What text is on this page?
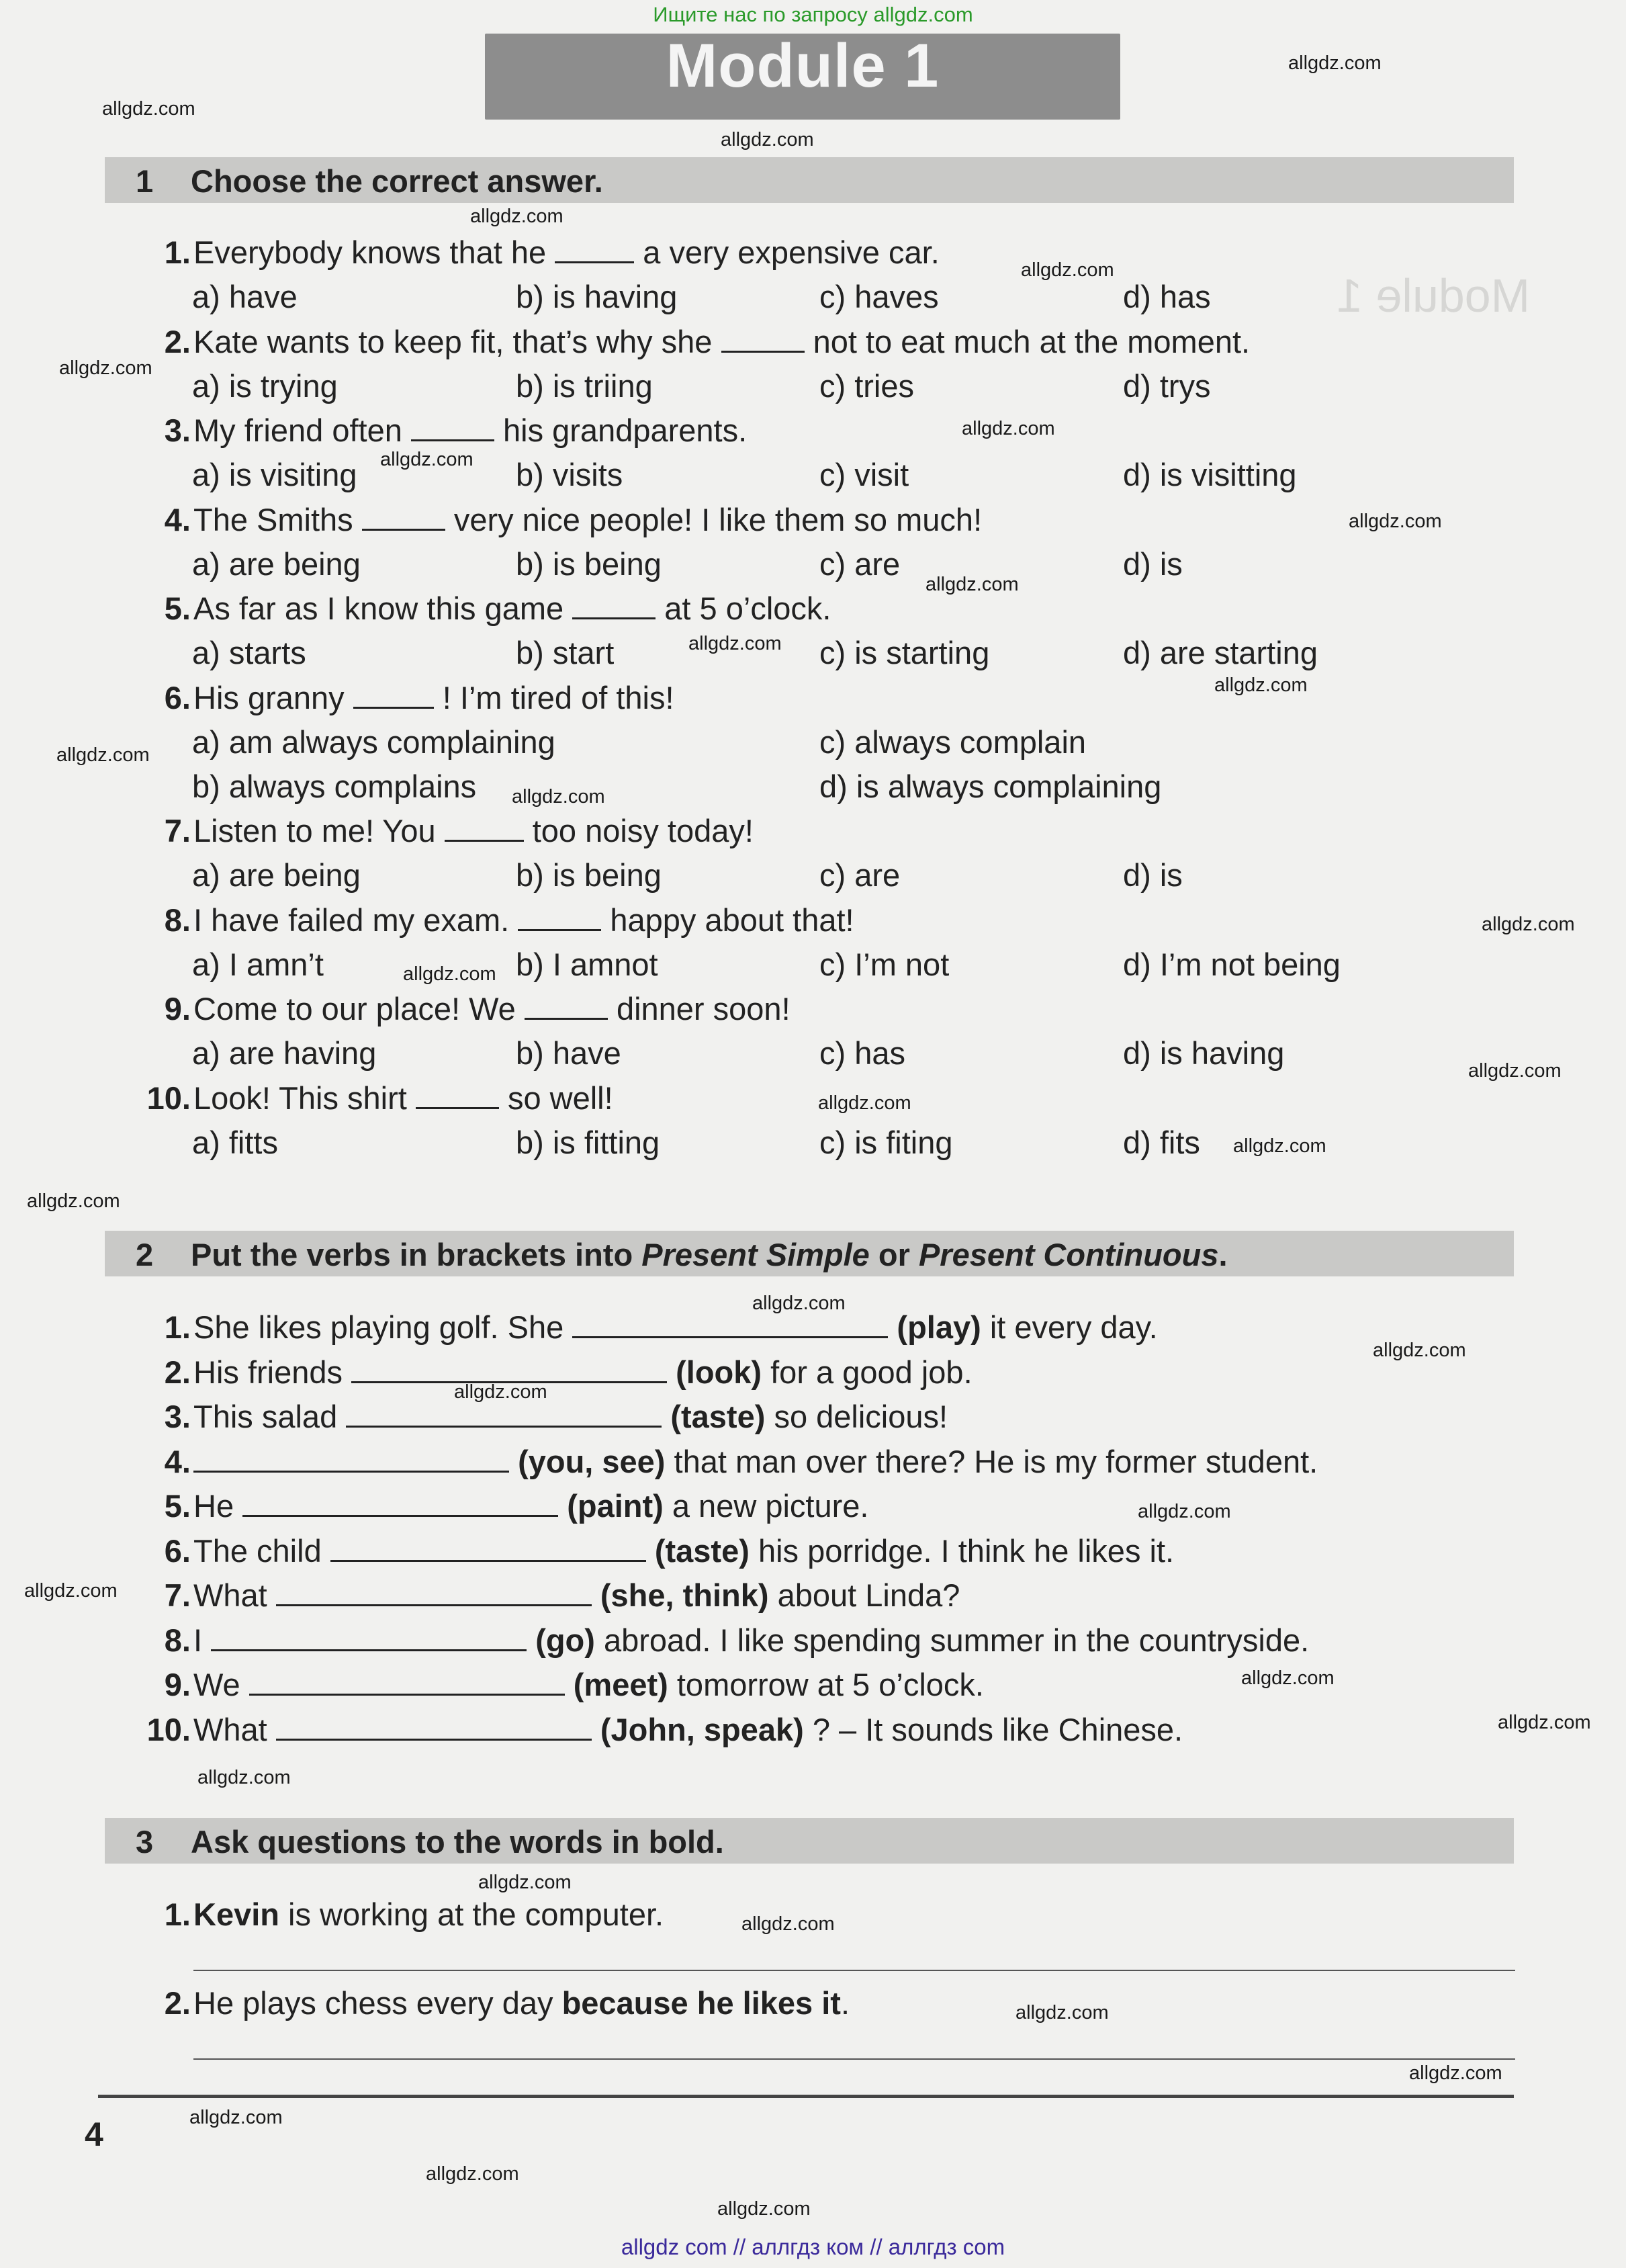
Module 1
Ищите нас по запросу allgdz.com
Module 1
1 Choose the correct answer.
1. Everybody knows that he	a very expensive car.
a) have	b) is having	c) haves	d) has
2. Kate wants to keep fit, that’s why she	not to eat much at the moment.
a) is trying	b) is triing	c) tries	d) trys
3. My friend often	his grandparents.
a) is visiting	b) visits	c) visit	d) is visitting
4. The Smiths	very nice people! I like them so much!
a) are being	b) is being	c) are	d) is
5. As far as I know this game	at 5 o’clock.
a) starts	b) start	c) is starting	d) are starting
6. His granny	! I’m tired of this!
a) am always complaining	c) always complain
b) always complains	d) is always complaining
7. Listen to me! You	too noisy today!
a) are being	b) is being	c) are	d) is
8. I have failed my exam.	happy about that!
a) I amn’t	b) I amnot	c) I’m not	d) I’m not being
9. Come to our place! We	dinner soon!
a) are having	b) have	c) has	d) is having
10. Look! This shirt	so well!
a) fitts	b) is fitting	c) is fiting	d) fits
2 Put the verbs in brackets into Present Simple or Present Continuous.
1. She likes playing golf. She	(play) it every day.
2. His friends	(look) for a good job.
3. This salad	(taste) so delicious!
4.	(you, see) that man over there? He is my former student.
5. He	(paint) a new picture.
6. The child	(taste) his porridge. I think he likes it.
7. What	(she, think) about Linda?
8. I	(go) abroad. I like spending summer in the countryside.
9. We	(meet) tomorrow at 5 o’clock.
10. What	(John, speak) ? – It sounds like Chinese.
3 Ask questions to the words in bold.
1. Kevin is working at the computer.
2. He plays chess every day because he likes it.
4
allgdz com // аллгдз ком // аллгдз com
allgdz.com
allgdz.com
allgdz.com
allgdz.com
allgdz.com
allgdz.com
allgdz.com
allgdz.com
allgdz.com
allgdz.com
allgdz.com
allgdz.com
allgdz.com
allgdz.com
allgdz.com
allgdz.com
allgdz.com
allgdz.com
allgdz.com
allgdz.com
allgdz.com
allgdz.com
allgdz.com
allgdz.com
allgdz.com
allgdz.com
allgdz.com
allgdz.com
allgdz.com
allgdz.com
allgdz.com
allgdz.com
allgdz.com
allgdz.com
allgdz.com
